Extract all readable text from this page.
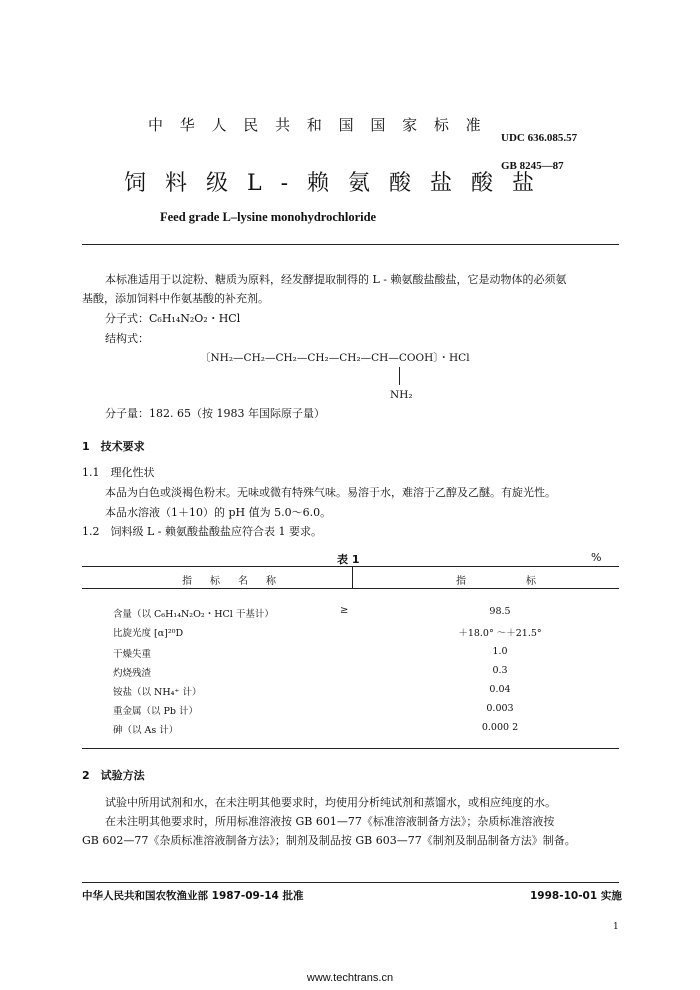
中 华 人 民 共 和 国 国 家 标 准
UDC 636.085.57
GB 8245—87
饲 料 级 L - 赖 氨 酸 盐 酸 盐
Feed grade L–lysine monohydrochloride
本标准适用于以淀粉、糖质为原料，经发酵提取制得的 L - 赖氨酸盐酸盐，它是动物体的必须氨
基酸，添加饲料中作氨基酸的补充剂。
分子式：C₆H₁₄N₂O₂・HCl
结构式：
〔NH₂—CH₂—CH₂—CH₂—CH₂—CH—COOH〕・HCl
NH₂
分子量：182. 65（按 1983 年国际原子量）
1　技术要求
1.1　理化性状
本品为白色或淡褐色粉末。无味或微有特殊气味。易溶于水，难溶于乙醇及乙醚。有旋光性。
本品水溶液（1＋10）的 pH 值为 5.0～6.0。
1.2　饲料级 L - 赖氨酸盐酸盐应符合表 1 要求。
表 1	%
指标名称	指标
含量（以 C₆H₁₄N₂O₂・HCl 干基计）	≥	98.5
比旋光度 [α]²⁰D	＋18.0° ～＋21.5°
干燥失重	1.0
灼烧残渣	0.3
铵盐（以 NH₄⁺ 计）	0.04
重金属（以 Pb 计）	0.003
砷（以 As 计）	0.000 2
2　试验方法
试验中所用试剂和水，在未注明其他要求时，均使用分析纯试剂和蒸馏水，或相应纯度的水。
在未注明其他要求时，所用标准溶液按 GB 601—77《标准溶液制备方法》；杂质标准溶液按
GB 602—77《杂质标准溶液制备方法》；制剂及制品按 GB 603—77《制剂及制品制备方法》制备。
中华人民共和国农牧渔业部 1987-09-14 批准	1998-10-01 实施
1
www.techtrans.cn
